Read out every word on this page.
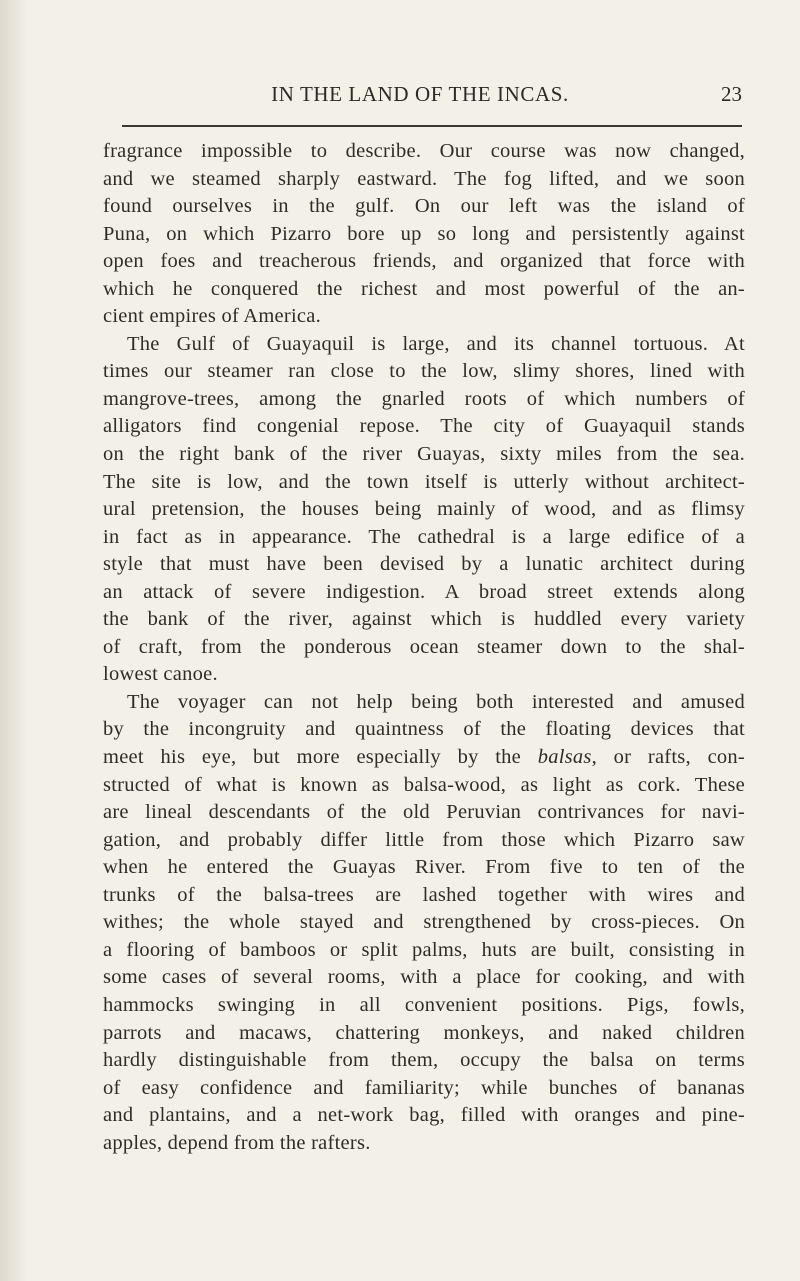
IN THE LAND OF THE INCAS.	23
fragrance impossible to describe. Our course was now changed,
and we steamed sharply eastward. The fog lifted, and we soon
found ourselves in the gulf. On our left was the island of
Puna, on which Pizarro bore up so long and persistently against
open foes and treacherous friends, and organized that force with
which he conquered the richest and most powerful of the an-
cient empires of America.
The Gulf of Guayaquil is large, and its channel tortuous. At
times our steamer ran close to the low, slimy shores, lined with
mangrove-trees, among the gnarled roots of which numbers of
alligators find congenial repose. The city of Guayaquil stands
on the right bank of the river Guayas, sixty miles from the sea.
The site is low, and the town itself is utterly without architect-
ural pretension, the houses being mainly of wood, and as flimsy
in fact as in appearance. The cathedral is a large edifice of a
style that must have been devised by a lunatic architect during
an attack of severe indigestion. A broad street extends along
the bank of the river, against which is huddled every variety
of craft, from the ponderous ocean steamer down to the shal-
lowest canoe.
The voyager can not help being both interested and amused
by the incongruity and quaintness of the floating devices that
meet his eye, but more especially by the balsas, or rafts, con-
structed of what is known as balsa-wood, as light as cork. These
are lineal descendants of the old Peruvian contrivances for navi-
gation, and probably differ little from those which Pizarro saw
when he entered the Guayas River. From five to ten of the
trunks of the balsa-trees are lashed together with wires and
withes; the whole stayed and strengthened by cross-pieces. On
a flooring of bamboos or split palms, huts are built, consisting in
some cases of several rooms, with a place for cooking, and with
hammocks swinging in all convenient positions. Pigs, fowls,
parrots and macaws, chattering monkeys, and naked children
hardly distinguishable from them, occupy the balsa on terms
of easy confidence and familiarity; while bunches of bananas
and plantains, and a net-work bag, filled with oranges and pine-
apples, depend from the rafters.
